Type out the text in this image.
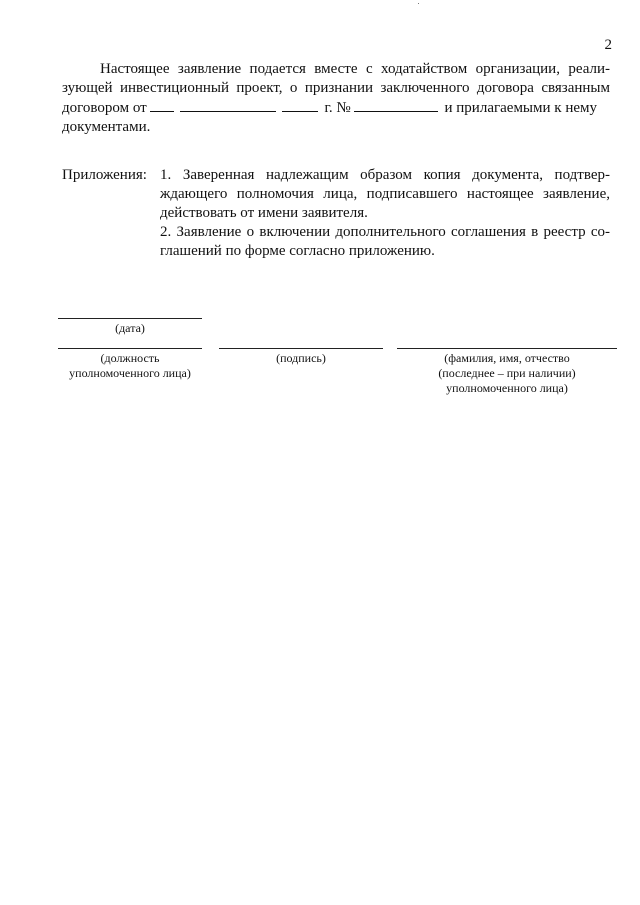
2
Настоящее заявление подается вместе с ходатайством организации, реали-
зующей инвестиционный проект, о признании заключенного договора связанным
договором от	г. №	и прилагаемыми к нему
документами.
Приложения: 1. Заверенная надлежащим образом копия документа, подтвер-
ждающего полномочия лица, подписавшего настоящее заявление,
действовать от имени заявителя.
2. Заявление о включении дополнительного соглашения в реестр со-
глашений по форме согласно приложению.
(дата)
(должность
уполномоченного лица)
(подпись)	(фамилия, имя, отчество
(последнее – при наличии)
уполномоченного лица)
